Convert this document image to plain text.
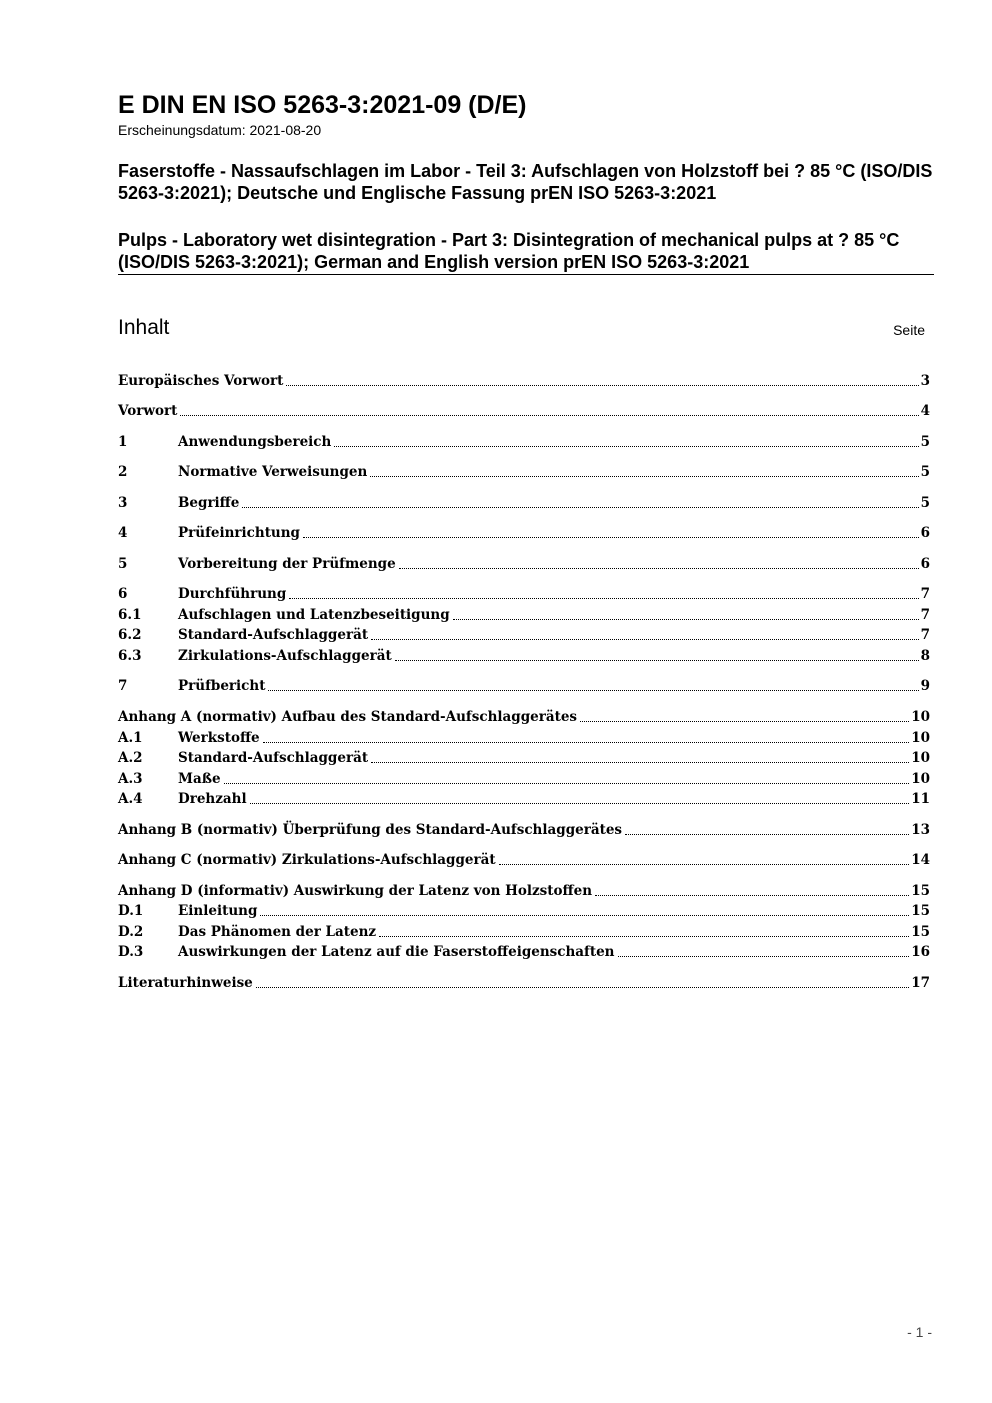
E DIN EN ISO 5263-3:2021-09 (D/E)
Erscheinungsdatum: 2021-08-20
Faserstoffe - Nassaufschlagen im Labor - Teil 3: Aufschlagen von Holzstoff bei ? 85 °C (ISO/DIS 5263-3:2021); Deutsche und Englische Fassung prEN ISO 5263-3:2021
Pulps - Laboratory wet disintegration - Part 3: Disintegration of mechanical pulps at ? 85 °C (ISO/DIS 5263-3:2021); German and English version prEN ISO 5263-3:2021
Inhalt	Seite
Europäisches Vorwort	3
Vorwort	4
1	Anwendungsbereich	5
2	Normative Verweisungen	5
3	Begriffe	5
4	Prüfeinrichtung	6
5	Vorbereitung der Prüfmenge	6
6	Durchführung	7
6.1	Aufschlagen und Latenzbeseitigung	7
6.2	Standard-Aufschlaggerät	7
6.3	Zirkulations-Aufschlaggerät	8
7	Prüfbericht	9
Anhang A (normativ) Aufbau des Standard-Aufschlaggerätes	10
A.1	Werkstoffe	10
A.2	Standard-Aufschlaggerät	10
A.3	Maße	10
A.4	Drehzahl	11
Anhang B (normativ) Überprüfung des Standard-Aufschlaggerätes	13
Anhang C (normativ) Zirkulations-Aufschlaggerät	14
Anhang D (informativ) Auswirkung der Latenz von Holzstoffen	15
D.1	Einleitung	15
D.2	Das Phänomen der Latenz	15
D.3	Auswirkungen der Latenz auf die Faserstoffeigenschaften	16
Literaturhinweise	17
- 1 -
